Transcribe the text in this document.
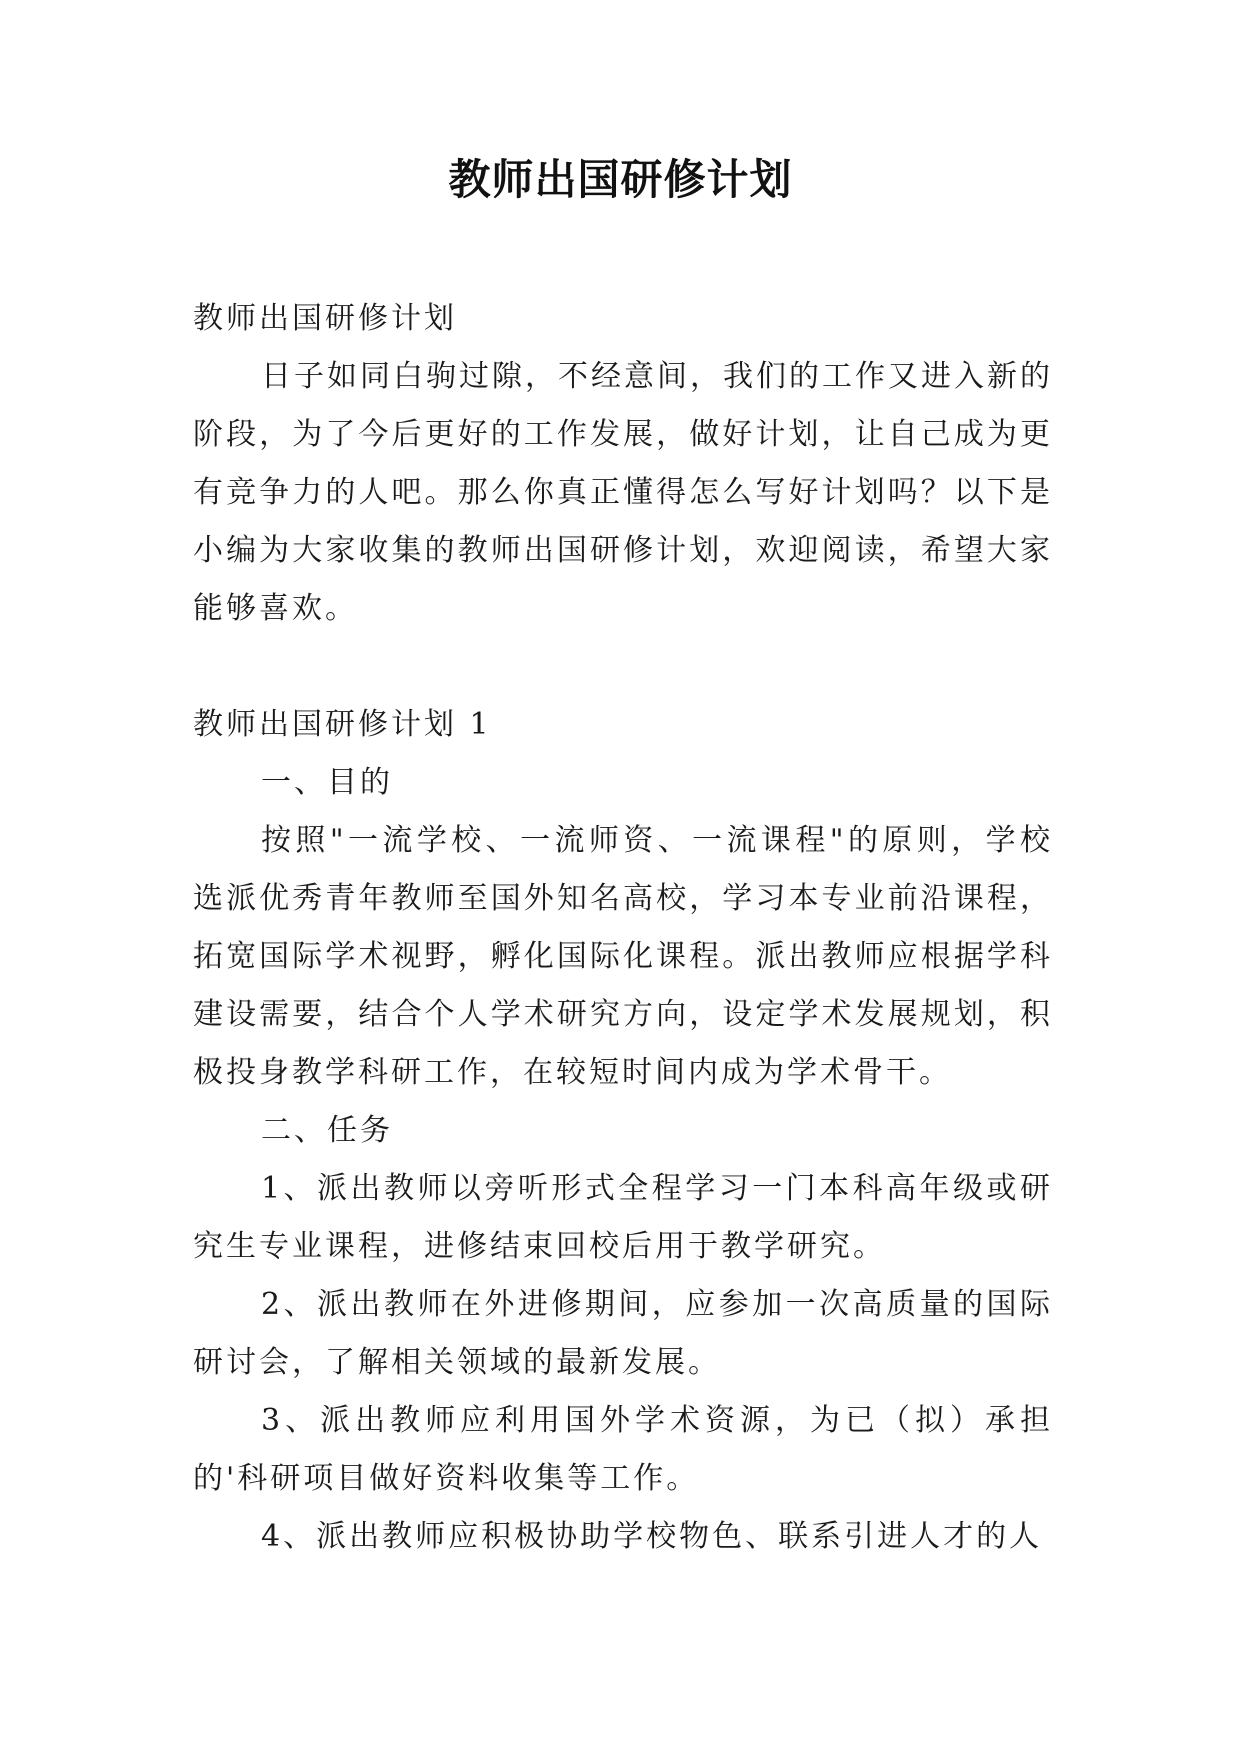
教师出国研修计划

教师出国研修计划

日子如同白驹过隙，不经意间，我们的工作又进入新的阶段，为了今后更好的工作发展，做好计划，让自己成为更有竞争力的人吧。那么你真正懂得怎么写好计划吗？以下是小编为大家收集的教师出国研修计划，欢迎阅读，希望大家能够喜欢。

教师出国研修计划 1

一、目的

按照"一流学校、一流师资、一流课程"的原则，学校选派优秀青年教师至国外知名高校，学习本专业前沿课程，拓宽国际学术视野，孵化国际化课程。派出教师应根据学科建设需要，结合个人学术研究方向，设定学术发展规划，积极投身教学科研工作，在较短时间内成为学术骨干。

二、任务

1、派出教师以旁听形式全程学习一门本科高年级或研究生专业课程，进修结束回校后用于教学研究。

2、派出教师在外进修期间，应参加一次高质量的国际研讨会，了解相关领域的最新发展。

3、派出教师应利用国外学术资源，为已（拟）承担的'科研项目做好资料收集等工作。

4、派出教师应积极协助学校物色、联系引进人才的人
